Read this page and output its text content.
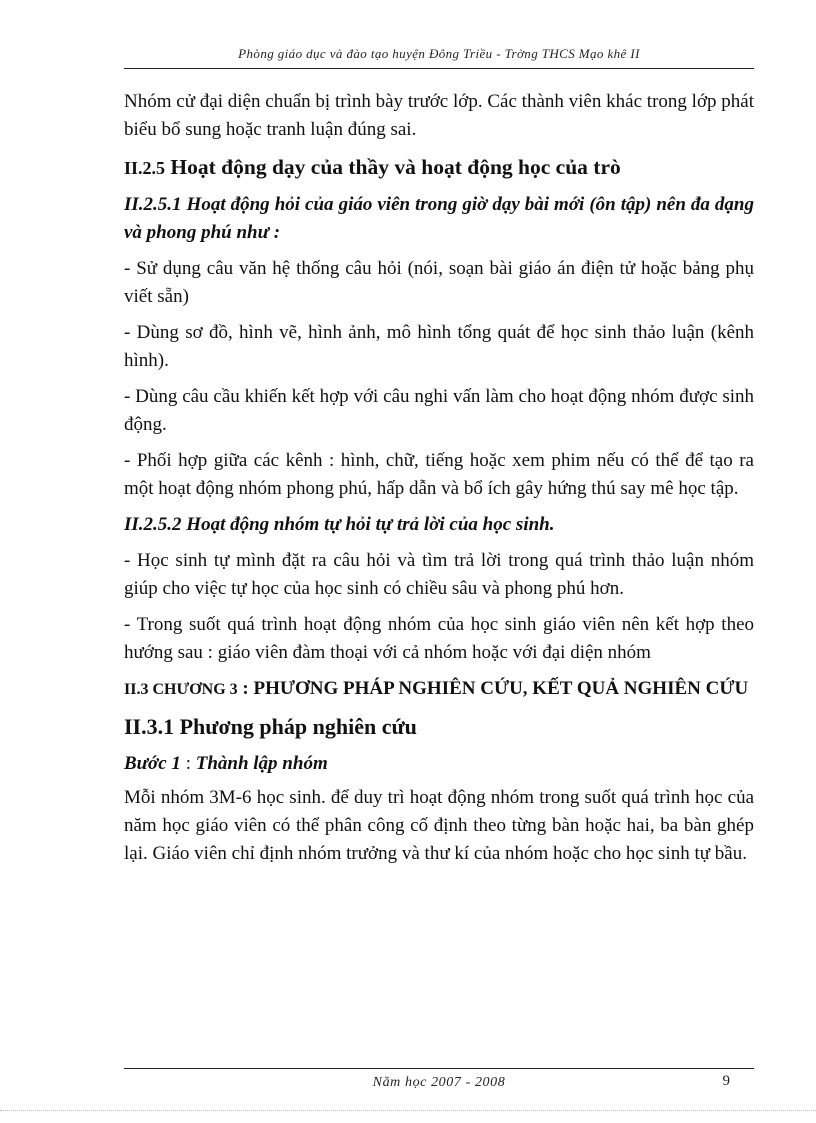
Phòng giáo dục và đào tạo huyện Đông Triều - Trờng THCS Mạo khê II

Nhóm cử đại diện chuẩn bị trình bày trước lớp. Các thành viên khác trong lớp phát biểu bổ sung hoặc tranh luận đúng sai.

II.2.5 Hoạt động dạy của thầy và hoạt động học của trò

II.2.5.1 Hoạt động hỏi của giáo viên trong giờ dạy bài mới (ôn tập) nên đa dạng và phong phú như :

- Sử dụng câu văn hệ thống câu hỏi (nói, soạn bài giáo án điện tử hoặc bảng phụ viết sẵn)

- Dùng sơ đồ, hình vẽ, hình ảnh, mô hình tổng quát để học sinh thảo luận (kênh hình).

- Dùng câu cầu khiến kết hợp với câu nghi vấn làm cho hoạt động nhóm được sinh động.

- Phối hợp giữa các kênh : hình, chữ, tiếng hoặc xem phim nếu có thể để tạo ra một hoạt động nhóm phong phú, hấp dẫn và bổ ích gây hứng thú say mê học tập.

II.2.5.2 Hoạt động nhóm tự hỏi tự trả lời của học sinh.

- Học sinh tự mình đặt ra câu hỏi và tìm trả lời trong quá trình thảo luận nhóm giúp cho việc tự học của học sinh có chiều sâu và phong phú hơn.

- Trong suốt quá trình hoạt động nhóm của học sinh giáo viên nên kết hợp theo hướng sau : giáo viên đàm thoại với cả nhóm hoặc với đại diện nhóm

II.3 CHƯƠNG 3 : PHƯƠNG PHÁP NGHIÊN CỨU, KẾT QUẢ NGHIÊN CỨU

II.3.1 Phương pháp nghiên cứu

Bước 1 : Thành lập nhóm

Mỗi nhóm 3M-6 học sinh. để duy trì hoạt động nhóm trong suốt quá trình học của năm học giáo viên có thể phân công cố định theo từng bàn hoặc hai, ba bàn ghép lại. Giáo viên chỉ định nhóm trưởng và thư kí của nhóm hoặc cho học sinh tự bầu.

Năm học 2007 - 2008	9
